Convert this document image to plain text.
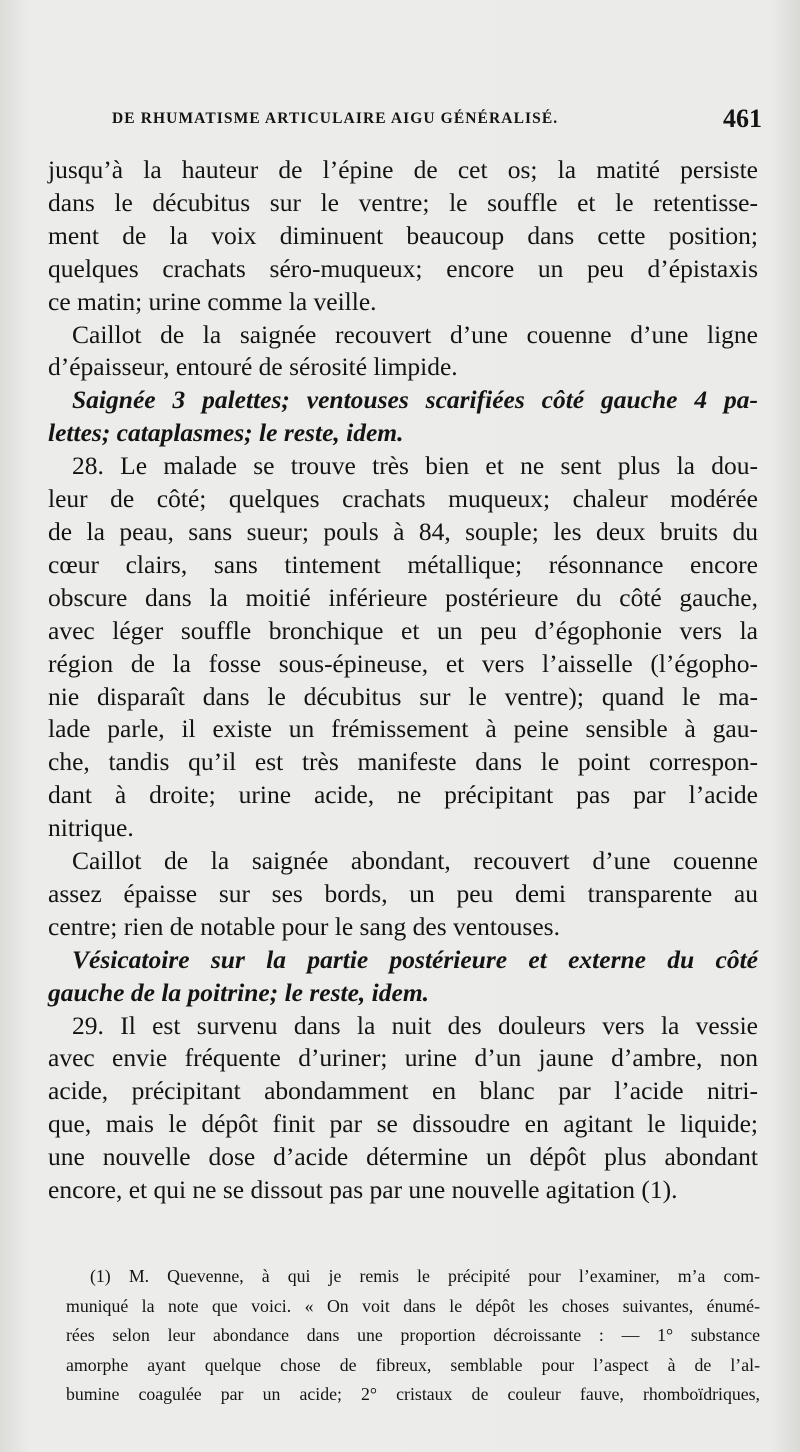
DE RHUMATISME ARTICULAIRE AIGU GÉNÉRALISÉ.	461

jusqu’à la hauteur de l’épine de cet os; la matité persiste

dans le décubitus sur le ventre; le souffle et le retentisse-

ment de la voix diminuent beaucoup dans cette position;

quelques crachats séro-muqueux; encore un peu d’épistaxis

ce matin; urine comme la veille.

Caillot de la saignée recouvert d’une couenne d’une ligne

d’épaisseur, entouré de sérosité limpide.

Saignée 3 palettes; ventouses scarifiées côté gauche 4 pa-

lettes; cataplasmes; le reste, idem.

28. Le malade se trouve très bien et ne sent plus la dou-

leur de côté; quelques crachats muqueux; chaleur modérée

de la peau, sans sueur; pouls à 84, souple; les deux bruits du

cœur clairs, sans tintement métallique; résonnance encore

obscure dans la moitié inférieure postérieure du côté gauche,

avec léger souffle bronchique et un peu d’égophonie vers la

région de la fosse sous-épineuse, et vers l’aisselle (l’égopho-

nie disparaît dans le décubitus sur le ventre); quand le ma-

lade parle, il existe un frémissement à peine sensible à gau-

che, tandis qu’il est très manifeste dans le point correspon-

dant à droite; urine acide, ne précipitant pas par l’acide

nitrique.

Caillot de la saignée abondant, recouvert d’une couenne

assez épaisse sur ses bords, un peu demi transparente au

centre; rien de notable pour le sang des ventouses.

Vésicatoire sur la partie postérieure et externe du côté

gauche de la poitrine; le reste, idem.

29. Il est survenu dans la nuit des douleurs vers la vessie

avec envie fréquente d’uriner; urine d’un jaune d’ambre, non

acide, précipitant abondamment en blanc par l’acide nitri-

que, mais le dépôt finit par se dissoudre en agitant le liquide;

une nouvelle dose d’acide détermine un dépôt plus abondant

encore, et qui ne se dissout pas par une nouvelle agitation (1).

(1) M. Quevenne, à qui je remis le précipité pour l’examiner, m’a com-

muniqué la note que voici. « On voit dans le dépôt les choses suivantes, énumé-

rées selon leur abondance dans une proportion décroissante : — 1° substance

amorphe ayant quelque chose de fibreux, semblable pour l’aspect à de l’al-

bumine coagulée par un acide; 2° cristaux de couleur fauve, rhomboïdriques,
